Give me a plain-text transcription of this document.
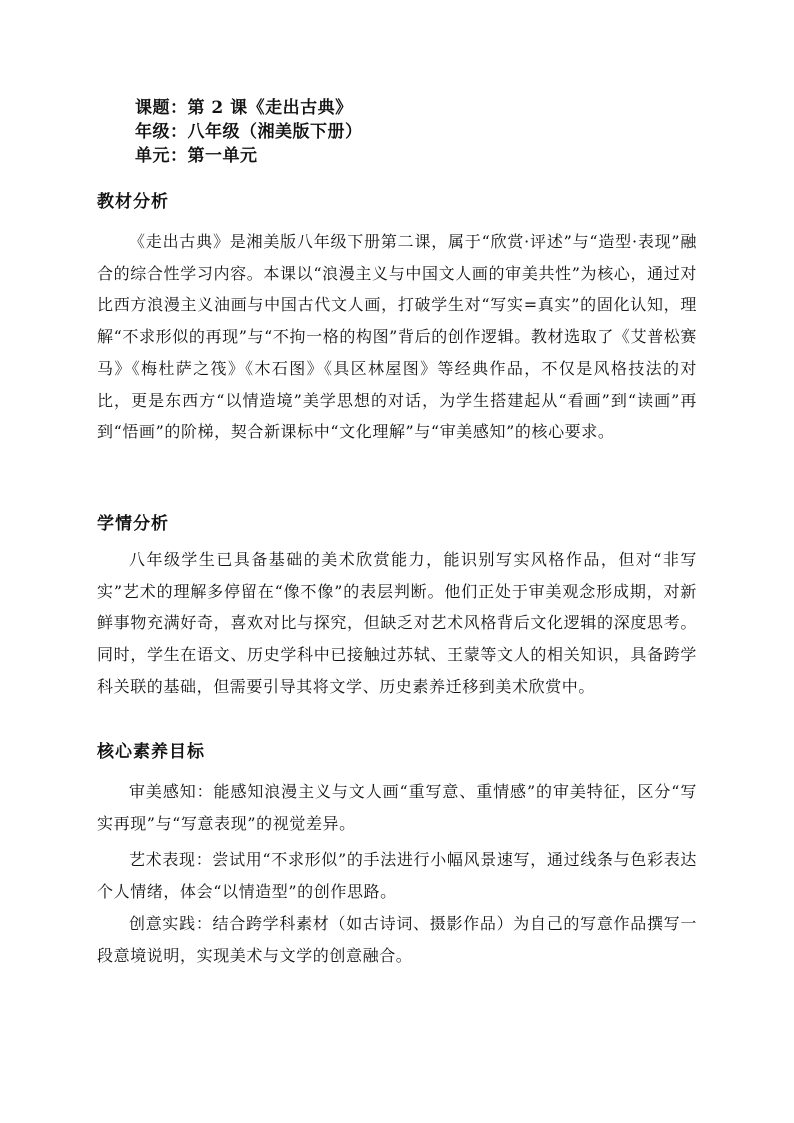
课题：第 2 课《走出古典》
年级：八年级（湘美版下册）
单元：第一单元
教材分析

《走出古典》是湘美版八年级下册第二课，属于“欣赏·评述”与“造型·表现”融合的综合性学习内容。本课以“浪漫主义与中国文人画的审美共性”为核心，通过对比西方浪漫主义油画与中国古代文人画，打破学生对“写实=真实”的固化认知，理解“不求形似的再现”与“不拘一格的构图”背后的创作逻辑。教材选取了《艾普松赛马》《梅杜萨之筏》《木石图》《具区林屋图》等经典作品，不仅是风格技法的对比，更是东西方“以情造境”美学思想的对话，为学生搭建起从“看画”到“读画”再到“悟画”的阶梯，契合新课标中“文化理解”与“审美感知”的核心要求。

学情分析

八年级学生已具备基础的美术欣赏能力，能识别写实风格作品，但对“非写实”艺术的理解多停留在“像不像”的表层判断。他们正处于审美观念形成期，对新鲜事物充满好奇，喜欢对比与探究，但缺乏对艺术风格背后文化逻辑的深度思考。同时，学生在语文、历史学科中已接触过苏轼、王蒙等文人的相关知识，具备跨学科关联的基础，但需要引导其将文学、历史素养迁移到美术欣赏中。

核心素养目标

审美感知：能感知浪漫主义与文人画“重写意、重情感”的审美特征，区分“写实再现”与“写意表现”的视觉差异。

艺术表现：尝试用“不求形似”的手法进行小幅风景速写，通过线条与色彩表达个人情绪，体会“以情造型”的创作思路。

创意实践：结合跨学科素材（如古诗词、摄影作品）为自己的写意作品撰写一段意境说明，实现美术与文学的创意融合。
